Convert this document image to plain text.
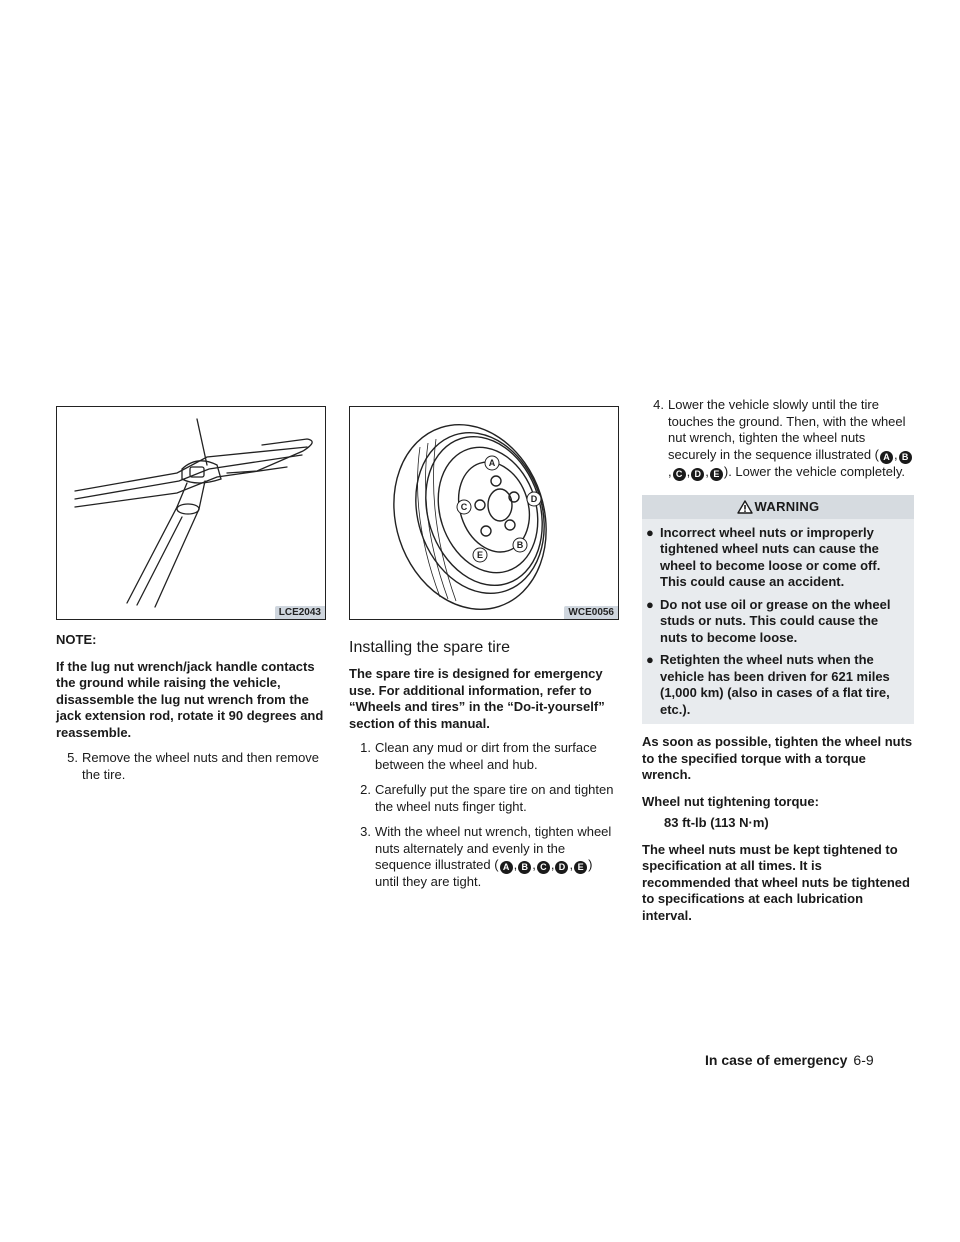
LCE2043

NOTE:

If the lug nut wrench/jack handle contacts the ground while raising the vehicle, disassemble the lug nut wrench from the jack extension rod, rotate it 90 degrees and reassemble.

5. Remove the wheel nuts and then remove the tire.
A
B
C
D
E
WCE0056
Installing the spare tire

The spare tire is designed for emergency use. For additional information, refer to “Wheels and tires” in the “Do-it-yourself” section of this manual.

1. Clean any mud or dirt from the surface between the wheel and hub.
2. Carefully put the spare tire on and tighten the wheel nuts finger tight.
3. With the wheel nut wrench, tighten wheel nuts alternately and evenly in the sequence illustrated ( A , B , C , D , E ) until they are tight.
4. Lower the vehicle slowly until the tire touches the ground. Then, with the wheel nut wrench, tighten the wheel nuts securely in the sequence illustrated ( A , B, C , D , E ). Lower the vehicle completely.
WARNING
● Incorrect wheel nuts or improperly tightened wheel nuts can cause the wheel to become loose or come off. This could cause an accident.
● Do not use oil or grease on the wheel studs or nuts. This could cause the nuts to become loose.
● Retighten the wheel nuts when the vehicle has been driven for 621 miles (1,000 km) (also in cases of a flat tire, etc.).

As soon as possible, tighten the wheel nuts to the specified torque with a torque wrench.

Wheel nut tightening torque:

83 ft-lb (113 N·m)

The wheel nuts must be kept tightened to specification at all times. It is recommended that wheel nuts be tightened to specifications at each lubrication interval.

In case of emergency 6-9
